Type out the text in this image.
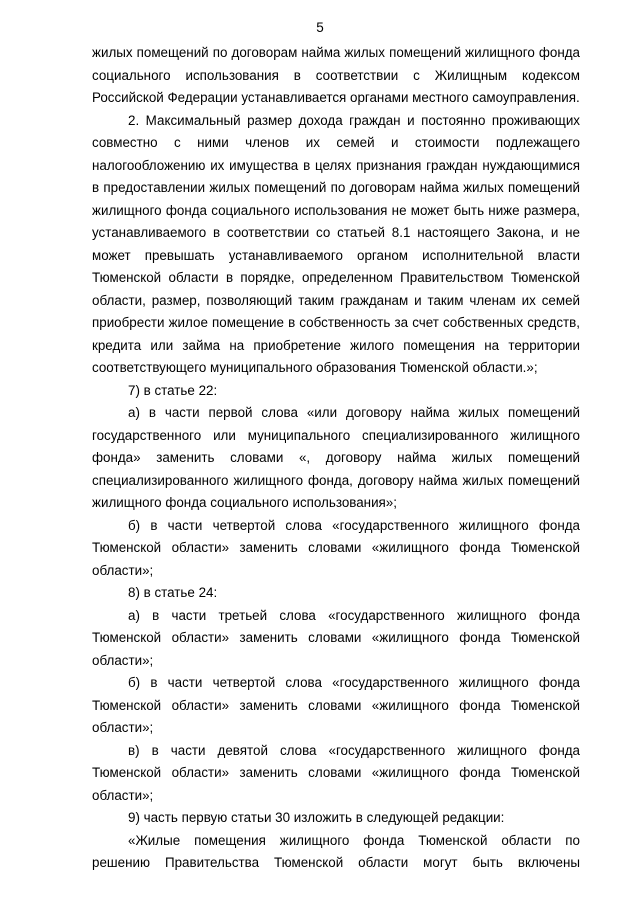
5

жилых помещений по договорам найма жилых помещений жилищного фонда социального использования в соответствии с Жилищным кодексом Российской Федерации устанавливается органами местного самоуправления.

2. Максимальный размер дохода граждан и постоянно проживающих совместно с ними членов их семей и стоимости подлежащего налогообложению их имущества в целях признания граждан нуждающимися в предоставлении жилых помещений по договорам найма жилых помещений жилищного фонда социального использования не может быть ниже размера, устанавливаемого в соответствии со статьей 8.1 настоящего Закона, и не может превышать устанавливаемого органом исполнительной власти Тюменской области в порядке, определенном Правительством Тюменской области, размер, позволяющий таким гражданам и таким членам их семей приобрести жилое помещение в собственность за счет собственных средств, кредита или займа на приобретение жилого помещения на территории соответствующего муниципального образования Тюменской области.»;

7) в статье 22:

а) в части первой слова «или договору найма жилых помещений государственного или муниципального специализированного жилищного фонда» заменить словами «, договору найма жилых помещений специализированного жилищного фонда, договору найма жилых помещений жилищного фонда социального использования»;

б) в части четвертой слова «государственного жилищного фонда Тюменской области» заменить словами «жилищного фонда Тюменской области»;

8) в статье 24:

а) в части третьей слова «государственного жилищного фонда Тюменской области» заменить словами «жилищного фонда Тюменской области»;

б) в части четвертой слова «государственного жилищного фонда Тюменской области» заменить словами «жилищного фонда Тюменской области»;

в) в части девятой слова «государственного жилищного фонда Тюменской области» заменить словами «жилищного фонда Тюменской области»;

9) часть первую статьи 30 изложить в следующей редакции:

«Жилые помещения жилищного фонда Тюменской области по решению Правительства Тюменской области могут быть включены
